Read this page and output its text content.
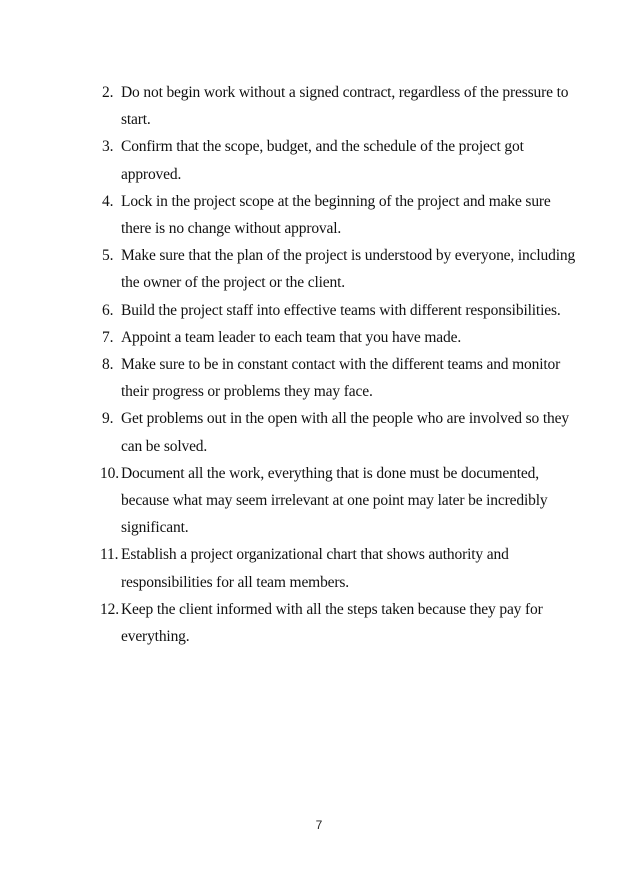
2. Do not begin work without a signed contract, regardless of the pressure to start.
3. Confirm that the scope, budget, and the schedule of the project got approved.
4. Lock in the project scope at the beginning of the project and make sure there is no change without approval.
5. Make sure that the plan of the project is understood by everyone, including the owner of the project or the client.
6. Build the project staff into effective teams with different responsibilities.
7. Appoint a team leader to each team that you have made.
8. Make sure to be in constant contact with the different teams and monitor their progress or problems they may face.
9. Get problems out in the open with all the people who are involved so they can be solved.
10. Document all the work, everything that is done must be documented, because what may seem irrelevant at one point may later be incredibly significant.
11. Establish a project organizational chart that shows authority and responsibilities for all team members.
12. Keep the client informed with all the steps taken because they pay for everything.
7
